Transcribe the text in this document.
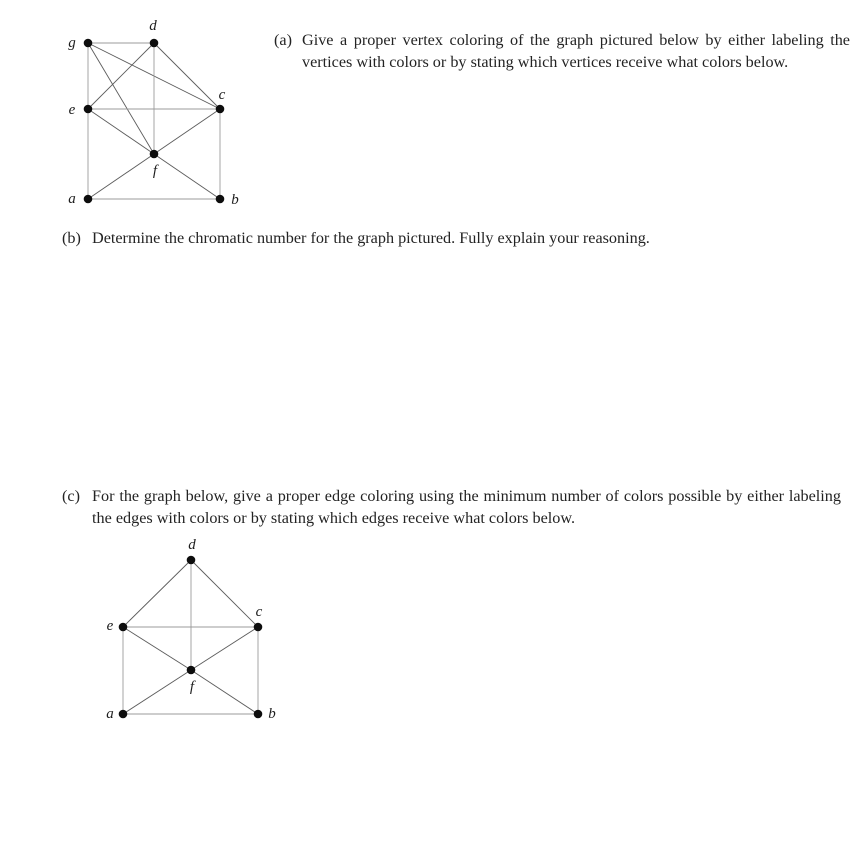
g
d
c
e
f
a	b
d
e
c
f
a	b
(a) Give a proper vertex coloring of the graph pictured below by either labeling the vertices with colors or by stating which vertices receive what colors below.
(b) Determine the chromatic number for the graph pictured. Fully explain your reasoning.
(c) For the graph below, give a proper edge coloring using the minimum number of colors possible by either labeling the edges with colors or by stating which edges receive what colors below.
